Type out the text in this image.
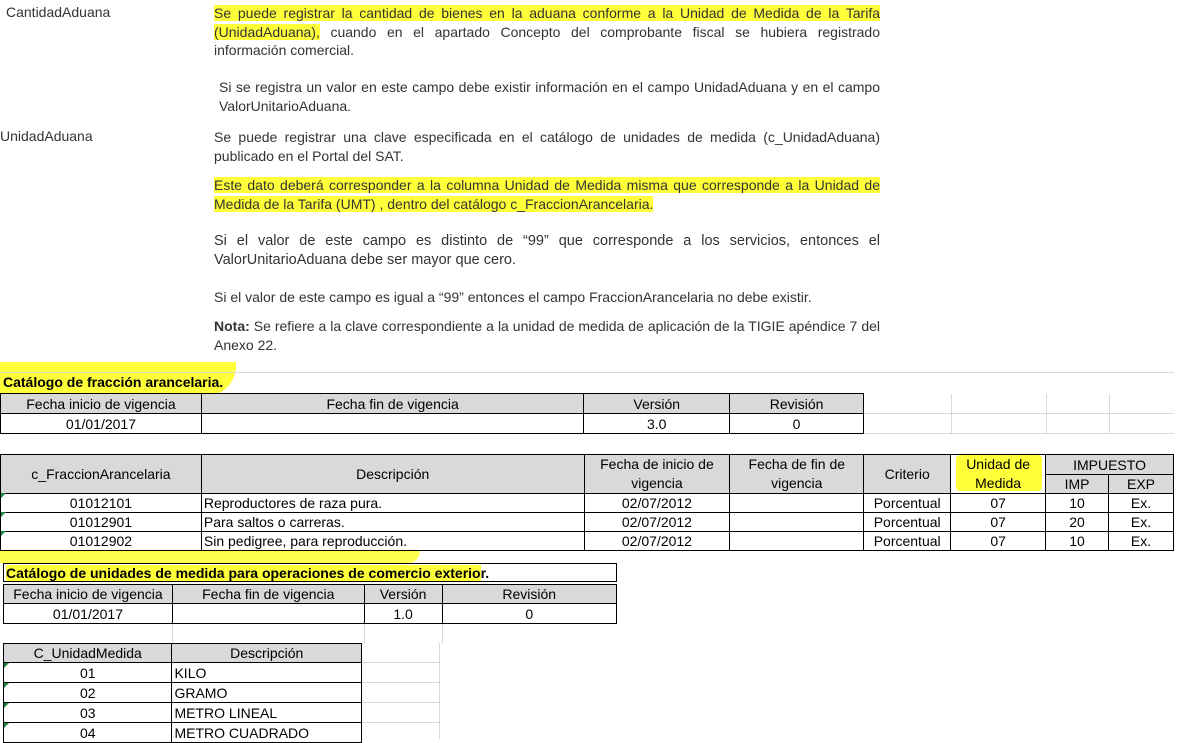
CantidadAduana	Se puede registrar la cantidad de bienes en la aduana conforme a la Unidad de Medida de la Tarifa (UnidadAduana), cuando en el apartado Concepto del comprobante fiscal se hubiera registrado información comercial.
Si se registra un valor en este campo debe existir información en el campo UnidadAduana y en el campo ValorUnitarioAduana.
UnidadAduana	Se puede registrar una clave especificada en el catálogo de unidades de medida (c_UnidadAduana) publicado en el Portal del SAT.
Este dato deberá corresponder a la columna Unidad de Medida misma que corresponde a la Unidad de Medida de la Tarifa (UMT) , dentro del catálogo c_FraccionArancelaria.
Si el valor de este campo es distinto de “99” que corresponde a los servicios, entonces el ValorUnitarioAduana debe ser mayor que cero.
Si el valor de este campo es igual a “99” entonces el campo FraccionArancelaria no debe existir.
Nota: Se refiere a la clave correspondiente a la unidad de medida de aplicación de la TIGIE apéndice 7 del Anexo 22.
Catálogo de fracción arancelaria.
Fecha inicio de vigencia	Fecha fin de vigencia	Versión	Revisión
01/01/2017		3.0	0
c_FraccionArancelaria	Descripción	Fecha de inicio de vigencia	Fecha de fin de vigencia	Criterio	Unidad de Medida	IMPUESTO	
						IMP	EXP
01012101	Reproductores de raza pura.	02/07/2012		Porcentual	07	10	Ex.
01012901	Para saltos o carreras.	02/07/2012		Porcentual	07	20	Ex.
01012902	Sin pedigree, para reproducción.	02/07/2012		Porcentual	07	10	Ex.
Catálogo de unidades de medida para operaciones de comercio exterior.
Fecha inicio de vigencia	Fecha fin de vigencia	Versión	Revisión
01/01/2017		1.0	0
C_UnidadMedida	Descripción
01	KILO
02	GRAMO
03	METRO LINEAL
04	METRO CUADRADO
